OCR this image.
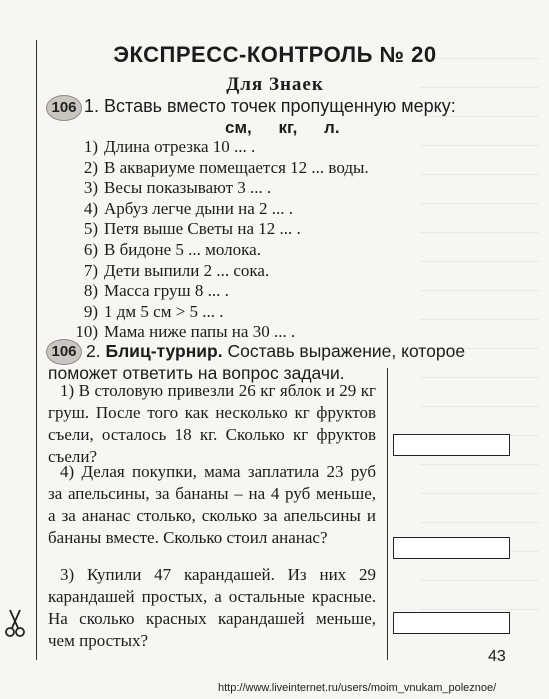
ЭКСПРЕСС-КОНТРОЛЬ № 20
Для Знаек
106 1. Вставь вместо точек пропущенную мерку:
см, кг, л.
1) Длина отрезка 10 ... .
2) В аквариуме помещается 12 ... воды.
3) Весы показывают 3 ... .
4) Арбуз легче дыни на 2 ... .
5) Петя выше Светы на 12 ... .
6) В бидоне 5 ... молока.
7) Дети выпили 2 ... сока.
8) Масса груш 8 ... .
9) 1 дм 5 см > 5 ... .
10) Мама ниже папы на 30 ... .
106 2. Блиц-турнир. Составь выражение, которое поможет ответить на вопрос задачи.
1) В столовую привезли 26 кг яблок и 29 кг груш. После того как несколько кг фруктов съели, осталось 18 кг. Сколько кг фруктов съели?
4) Делая покупки, мама заплатила 23 руб за апельсины, за бананы – на 4 руб меньше, а за ананас столько, сколько за апельсины и бананы вместе. Сколько стоил ананас?
3) Купили 47 карандашей. Из них 29 карандашей простых, а остальные красные. На сколько красных карандашей меньше, чем простых?
43
http://www.liveinternet.ru/users/moim_vnukam_poleznoe/
